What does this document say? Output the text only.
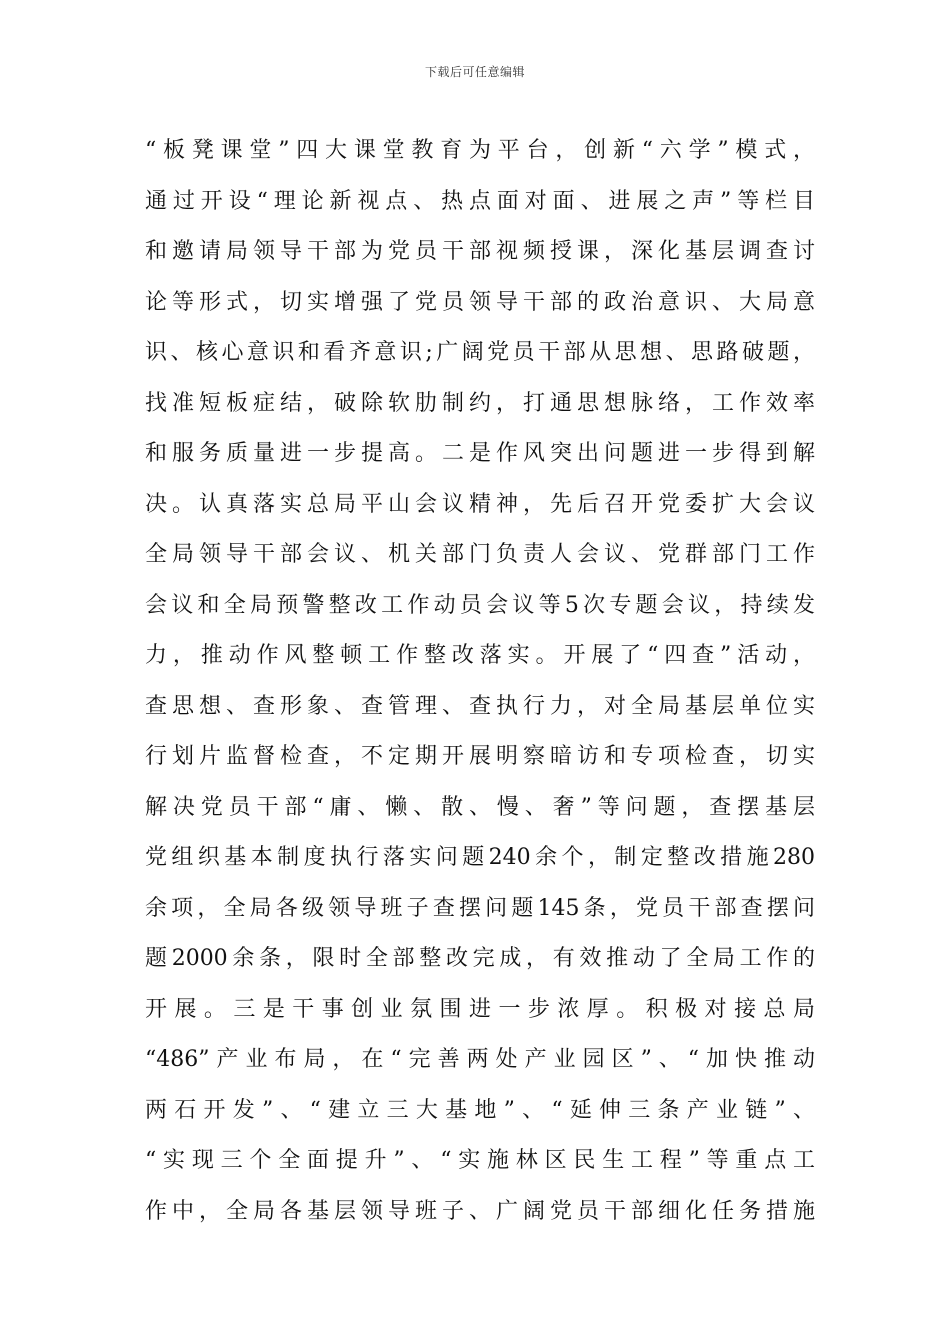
下载后可任意编辑
“板凳课堂”四大课堂教育为平台，创新“六学”模式，
通过开设“理论新视点、热点面对面、进展之声”等栏目
和邀请局领导干部为党员干部视频授课，深化基层调查讨
论等形式，切实增强了党员领导干部的政治意识、大局意
识、核心意识和看齐意识;广阔党员干部从思想、思路破题，
找准短板症结，破除软肋制约，打通思想脉络，工作效率
和服务质量进一步提高。二是作风突出问题进一步得到解
决。认真落实总局平山会议精神，先后召开党委扩大会议
全局领导干部会议、机关部门负责人会议、党群部门工作
会议和全局预警整改工作动员会议等5次专题会议，持续发
力，推动作风整顿工作整改落实。开展了“四查”活动，
查思想、查形象、查管理、查执行力，对全局基层单位实
行划片监督检查，不定期开展明察暗访和专项检查，切实
解决党员干部“庸、懒、散、慢、奢”等问题，查摆基层
党组织基本制度执行落实问题240余个，制定整改措施280
余项，全局各级领导班子查摆问题145条，党员干部查摆问
题2000余条，限时全部整改完成，有效推动了全局工作的
开展。三是干事创业氛围进一步浓厚。积极对接总局
“486”产业布局，在“完善两处产业园区”、“加快推动
两石开发”、“建立三大基地”、“延伸三条产业链”、
“实现三个全面提升”、“实施林区民生工程”等重点工
作中，全局各基层领导班子、广阔党员干部细化任务措施
